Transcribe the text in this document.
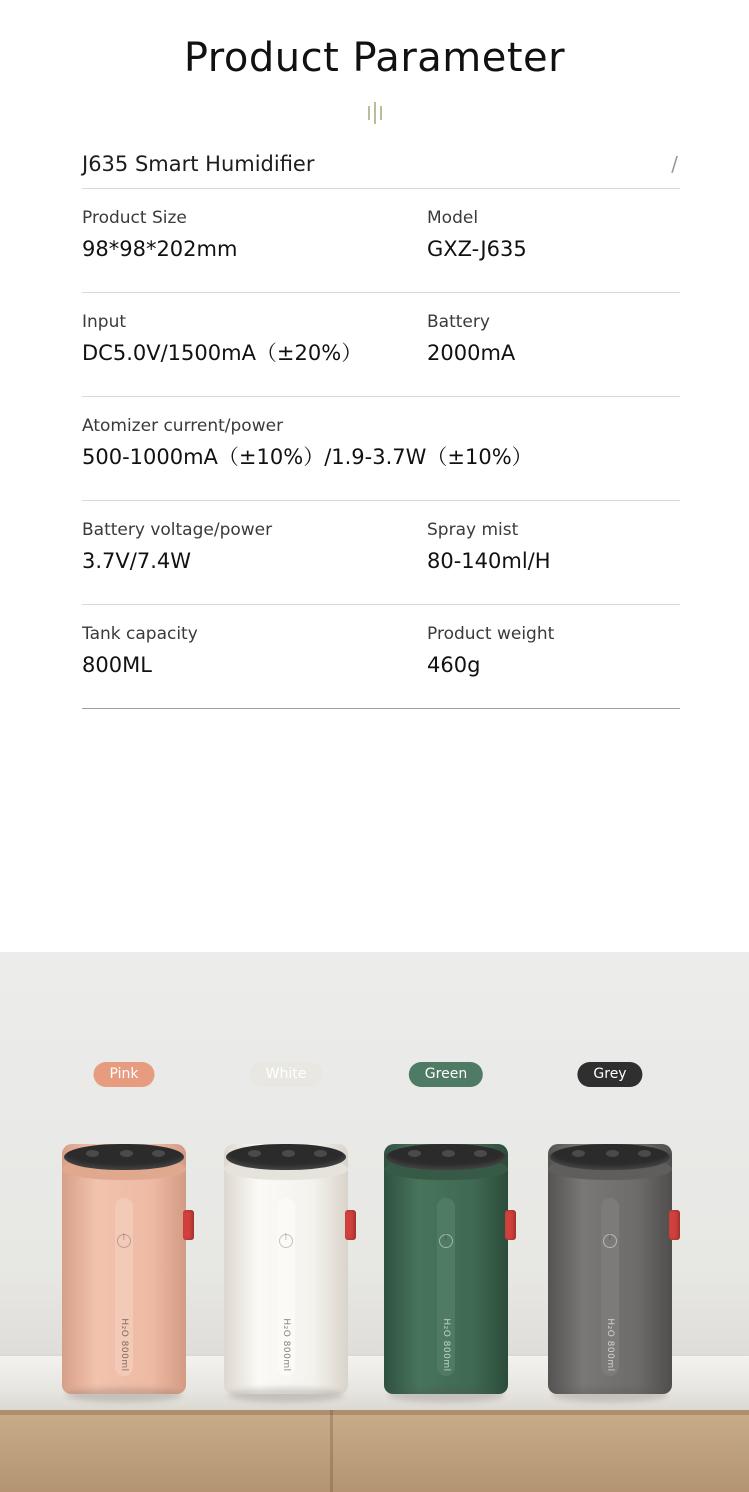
Product Parameter
J635 Smart Humidifier	/
Product Size
98*98*202mm
Model
GXZ-J635
Input
DC5.0V/1500mA（±20%）
Battery
2000mA
Atomizer current/power
500-1000mA（±10%）/1.9-3.7W（±10%）
Battery voltage/power
3.7V/7.4W
Spray mist
80-140ml/H
Tank capacity
800ML
Product weight
460g
Pink
H₂O 800ml
White
H₂O 800ml
Green
H₂O 800ml
Grey
H₂O 800ml
